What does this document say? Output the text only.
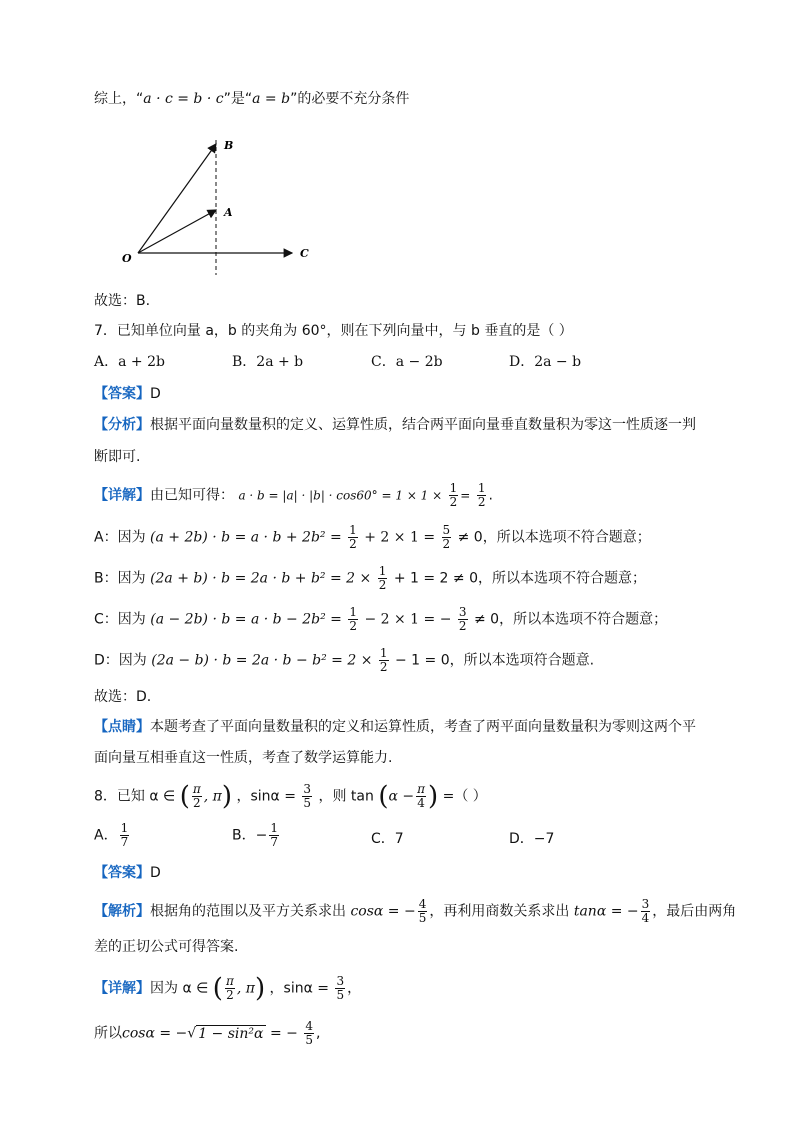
综上，“a · c = b · c”是“a = b”的必要不充分条件
B
A
O	C
故选：B.
7．已知单位向量 a，b 的夹角为 60°，则在下列向量中，与 b 垂直的是（ ）
A．a + 2b	B．2a + b	C．a − 2b	D．2a − b
【答案】D
【分析】根据平面向量数量积的定义、运算性质，结合两平面向量垂直数量积为零这一性质逐一判
断即可.
【详解】由已知可得： $a \cdot b = |a| \cdot |b| \cdot \cos 60^\circ = 1 \times 1 \times \frac{1}{2} = \frac{1}{2}$ .
A：因为 $(a + 2b) \cdot b = a \cdot b + 2b^2 = \frac{1}{2} + 2 \times 1 = \frac{5}{2} \ne 0$，所以本选项不符合题意；
B：因为 $(2a + b) \cdot b = 2a \cdot b + b^2 = 2 \times \frac{1}{2} + 1 = 2 \ne 0$，所以本选项不符合题意；
C：因为 $(a - 2b) \cdot b = a \cdot b - 2b^2 = \frac{1}{2} - 2 \times 1$ = − $\frac{3}{2} \ne 0$，所以本选项不符合题意；
D：因为 $(2a - b) \cdot b = 2a \cdot b - b^2 = 2 \times \frac{1}{2} - 1 = 0$，所以本选项符合题意.
故选：D.
【点睛】本题考查了平面向量数量积的定义和运算性质，考查了两平面向量数量积为零则这两个平
面向量互相垂直这一性质，考查了数学运算能力.
8．已知 α ∈ ( $\frac{\pi}{2}$ , π) ，$\sin\alpha = \frac{3}{5}$ ，则 $\tan (\alpha - \frac{\pi}{4}$ ) =（ ）
A． $\frac{1}{7}$	B．− $\frac{1}{7}$	C．7	D．−7
【答案】D
【解析】根据角的范围以及平方关系求出 cosα = − $\frac{4}{5}$ ，再利用商数关系求出 tanα = − $\frac{3}{4}$ ，最后由两角
差的正切公式可得答案.
【详解】因为 α ∈ ( $\frac{\pi}{2}$ , π) ，$\sin\alpha = \frac{3}{5}$ ，
所以cosα = −√ 1 − sin²α = − $\frac{4}{5}$ ,
